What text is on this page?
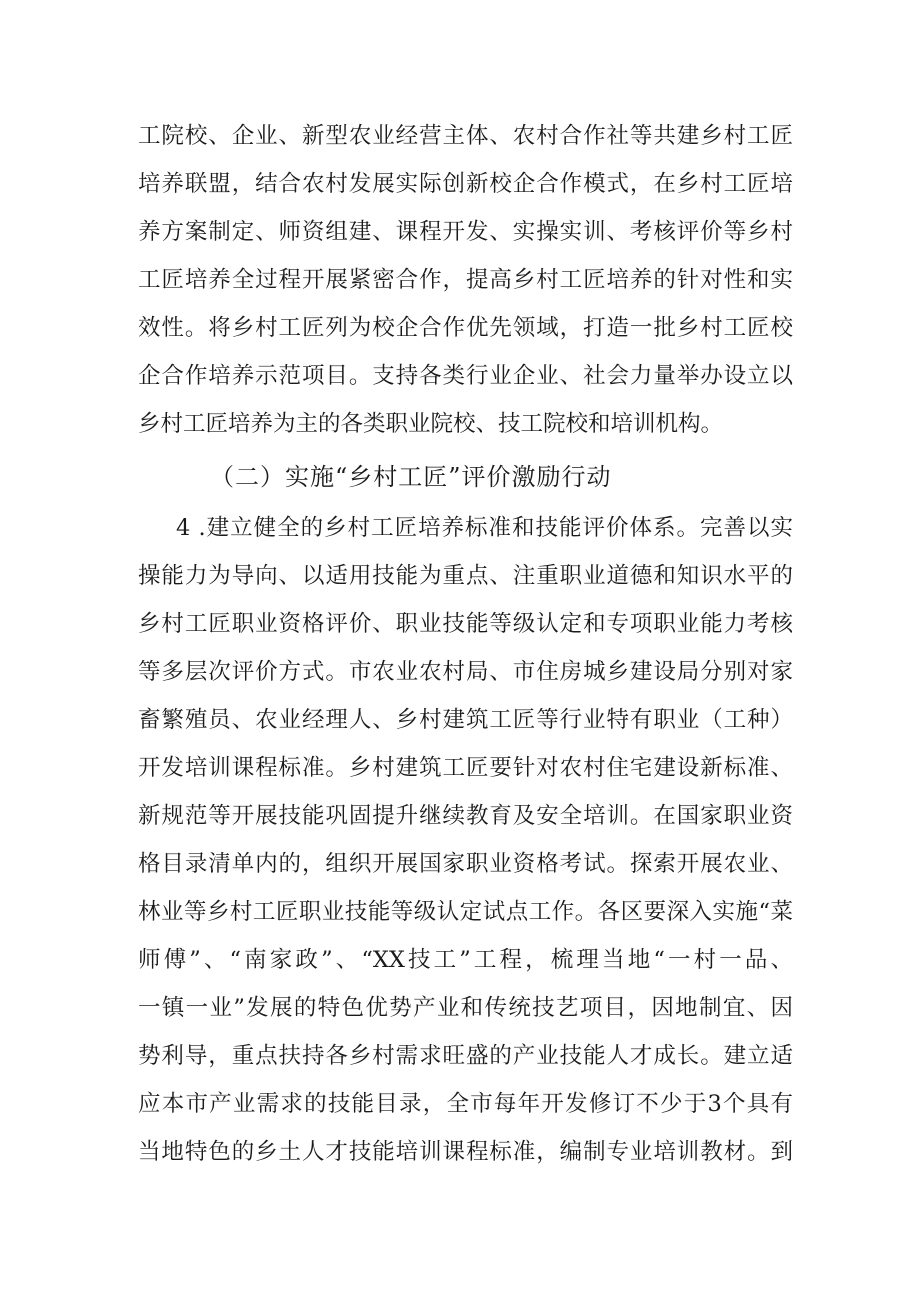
工院校、企业、新型农业经营主体、农村合作社等共建乡村工匠
培养联盟，结合农村发展实际创新校企合作模式，在乡村工匠培
养方案制定、师资组建、课程开发、实操实训、考核评价等乡村
工匠培养全过程开展紧密合作，提高乡村工匠培养的针对性和实
效性。将乡村工匠列为校企合作优先领域，打造一批乡村工匠校
企合作培养示范项目。支持各类行业企业、社会力量举办设立以
乡村工匠培养为主的各类职业院校、技工院校和培训机构。
（二）实施“乡村工匠”评价激励行动
4 .建立健全的乡村工匠培养标准和技能评价体系。完善以实
操能力为导向、以适用技能为重点、注重职业道德和知识水平的
乡村工匠职业资格评价、职业技能等级认定和专项职业能力考核
等多层次评价方式。市农业农村局、市住房城乡建设局分别对家
畜繁殖员、农业经理人、乡村建筑工匠等行业特有职业（工种）
开发培训课程标准。乡村建筑工匠要针对农村住宅建设新标准、
新规范等开展技能巩固提升继续教育及安全培训。在国家职业资
格目录清单内的，组织开展国家职业资格考试。探索开展农业、
林业等乡村工匠职业技能等级认定试点工作。各区要深入实施“菜
师傅”、“南家政”、“XX技工”工程，梳理当地“一村一品、
一镇一业”发展的特色优势产业和传统技艺项目，因地制宜、因
势利导，重点扶持各乡村需求旺盛的产业技能人才成长。建立适
应本市产业需求的技能目录，全市每年开发修订不少于3个具有
当地特色的乡土人才技能培训课程标准，编制专业培训教材。到
